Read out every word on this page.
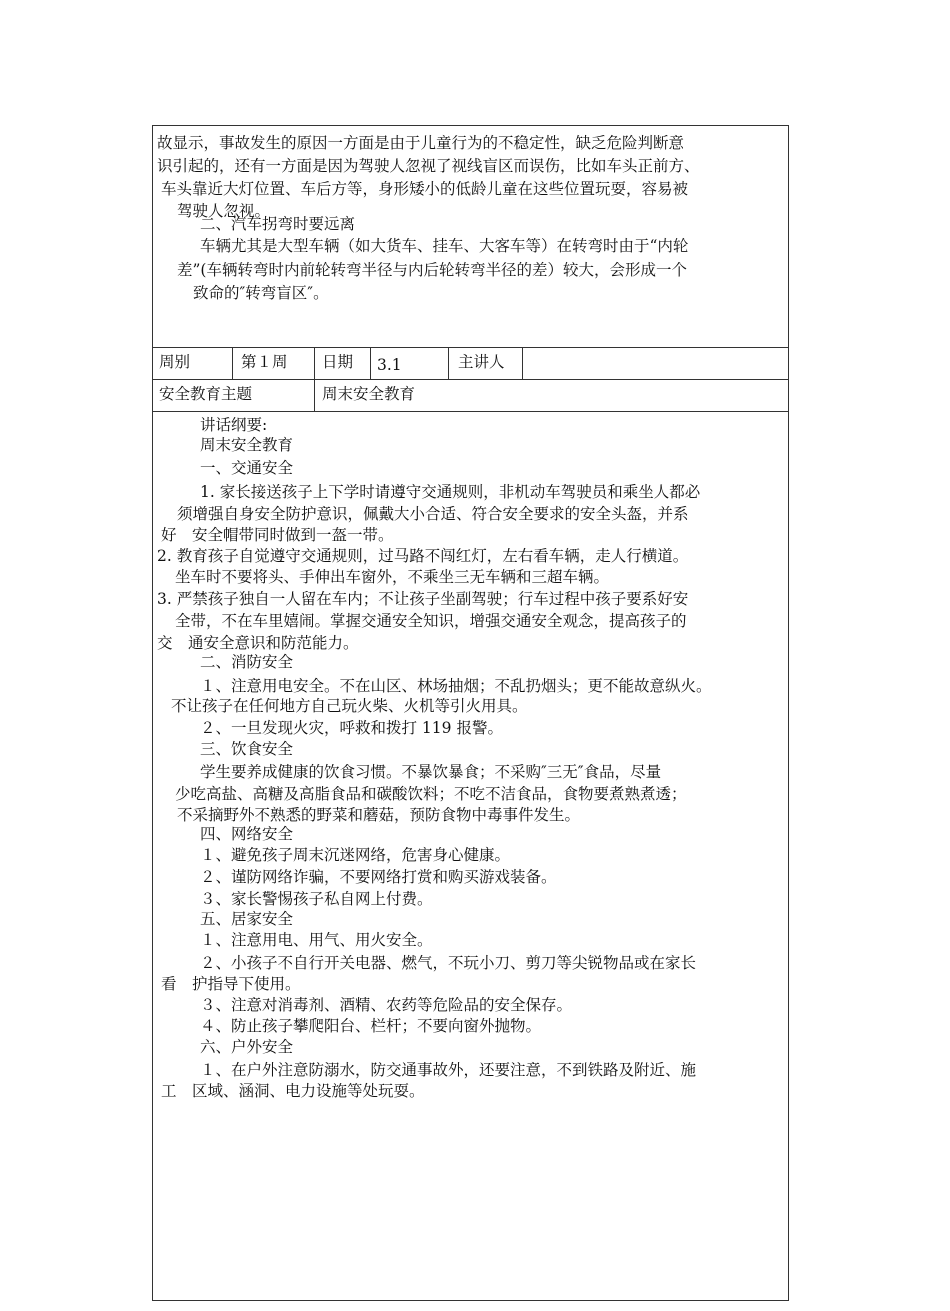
故显示，事故发生的原因一方面是由于儿童行为的不稳定性，缺乏危险判断意
识引起的，还有一方面是因为驾驶人忽视了视线盲区而误伤，比如车头正前方、
车头靠近大灯位置、车后方等，身形矮小的低龄儿童在这些位置玩耍，容易被
驾驶人忽视。
二、汽车拐弯时要远离
车辆尤其是大型车辆（如大货车、挂车、大客车等）在转弯时由于“内轮
差”(车辆转弯时内前轮转弯半径与内后轮转弯半径的差）较大，会形成一个
致命的″转弯盲区″。
周别	第１周 日期 3.1	主讲人
安全教育主题	周末安全教育
讲话纲要:
周末安全教育
一、交通安全
1. 家长接送孩子上下学时请遵守交通规则，非机动车驾驶员和乘坐人都必
须增强自身安全防护意识，佩戴大小合适、符合安全要求的安全头盔，并系
好　安全帽带同时做到一盔一带。
2. 教育孩子自觉遵守交通规则，过马路不闯红灯，左右看车辆，走人行横道。
坐车时不要将头、手伸出车窗外，不乘坐三无车辆和三超车辆。
3. 严禁孩子独自一人留在车内；不让孩子坐副驾驶；行车过程中孩子要系好安
全带，不在车里嬉闹。掌握交通安全知识，增强交通安全观念，提高孩子的
交　通安全意识和防范能力。
二、消防安全
１、注意用电安全。不在山区、林场抽烟；不乱扔烟头；更不能故意纵火。
不让孩子在任何地方自己玩火柴、火机等引火用具。
２、一旦发现火灾，呼救和拨打 119 报警。
三、饮食安全
学生要养成健康的饮食习惯。不暴饮暴食；不采购″三无″食品，尽量
少吃高盐、高糖及高脂食品和碳酸饮料；不吃不洁食品，食物要煮熟煮透；
不采摘野外不熟悉的野菜和蘑菇，预防食物中毒事件发生。
四、网络安全
１、避免孩子周末沉迷网络，危害身心健康。
２、谨防网络诈骗，不要网络打赏和购买游戏装备。
３、家长警惕孩子私自网上付费。
五、居家安全
１、注意用电、用气、用火安全。
２、小孩子不自行开关电器、燃气，不玩小刀、剪刀等尖锐物品或在家长
看　护指导下使用。
３、注意对消毒剂、酒精、农药等危险品的安全保存。
４、防止孩子攀爬阳台、栏杆；不要向窗外抛物。
六、户外安全
１、在户外注意防溺水，防交通事故外，还要注意，不到铁路及附近、施
工　区域、涵洞、电力设施等处玩耍。
